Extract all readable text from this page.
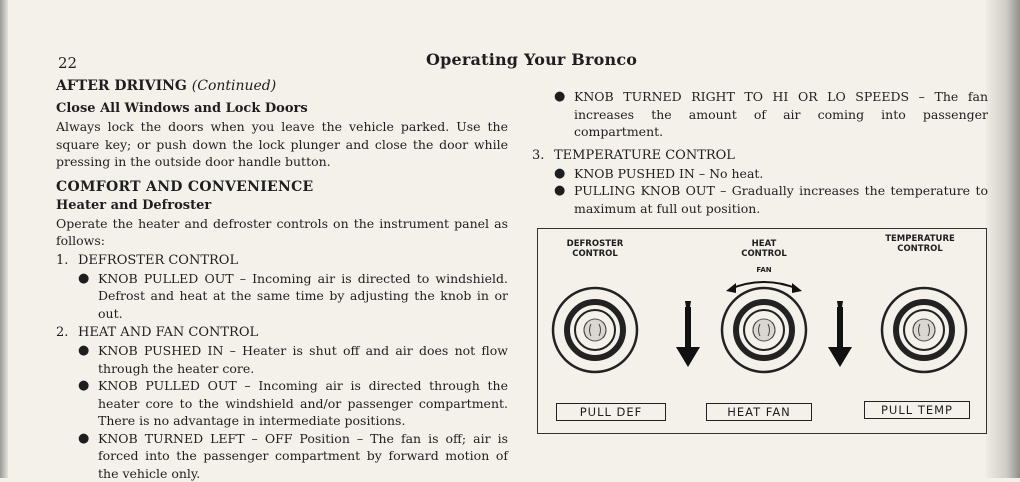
22	Operating Your Bronco
AFTER DRIVING (Continued)
Close All Windows and Lock Doors

Always lock the doors when you leave the vehicle parked. Use the square key; or push down the lock plunger and close the door while pressing in the outside door handle button.

COMFORT AND CONVENIENCE
Heater and Defroster

Operate the heater and defroster controls on the instrument panel as follows:

1. DEFROSTER CONTROL
● KNOB PULLED OUT – Incoming air is directed to windshield. Defrost and heat at the same time by adjusting the knob in or out.
2. HEAT AND FAN CONTROL
● KNOB PUSHED IN – Heater is shut off and air does not flow through the heater core.
● KNOB PULLED OUT – Incoming air is directed through the heater core to the windshield and/or passenger compartment. There is no advantage in intermediate positions.
● KNOB TURNED LEFT – OFF Position – The fan is off; air is forced into the passenger compartment by forward motion of the vehicle only.
● KNOB TURNED RIGHT TO HI OR LO SPEEDS – The fan increases the amount of air coming into passenger compartment.
3. TEMPERATURE CONTROL
● KNOB PUSHED IN – No heat.
● PULLING KNOB OUT – Gradually increases the temperature to maximum at full out position.
DEFROSTER
CONTROL
HEAT
CONTROL
FAN
TEMPERATURE
CONTROL
PULL DEF	HEAT FAN	PULL TEMP
